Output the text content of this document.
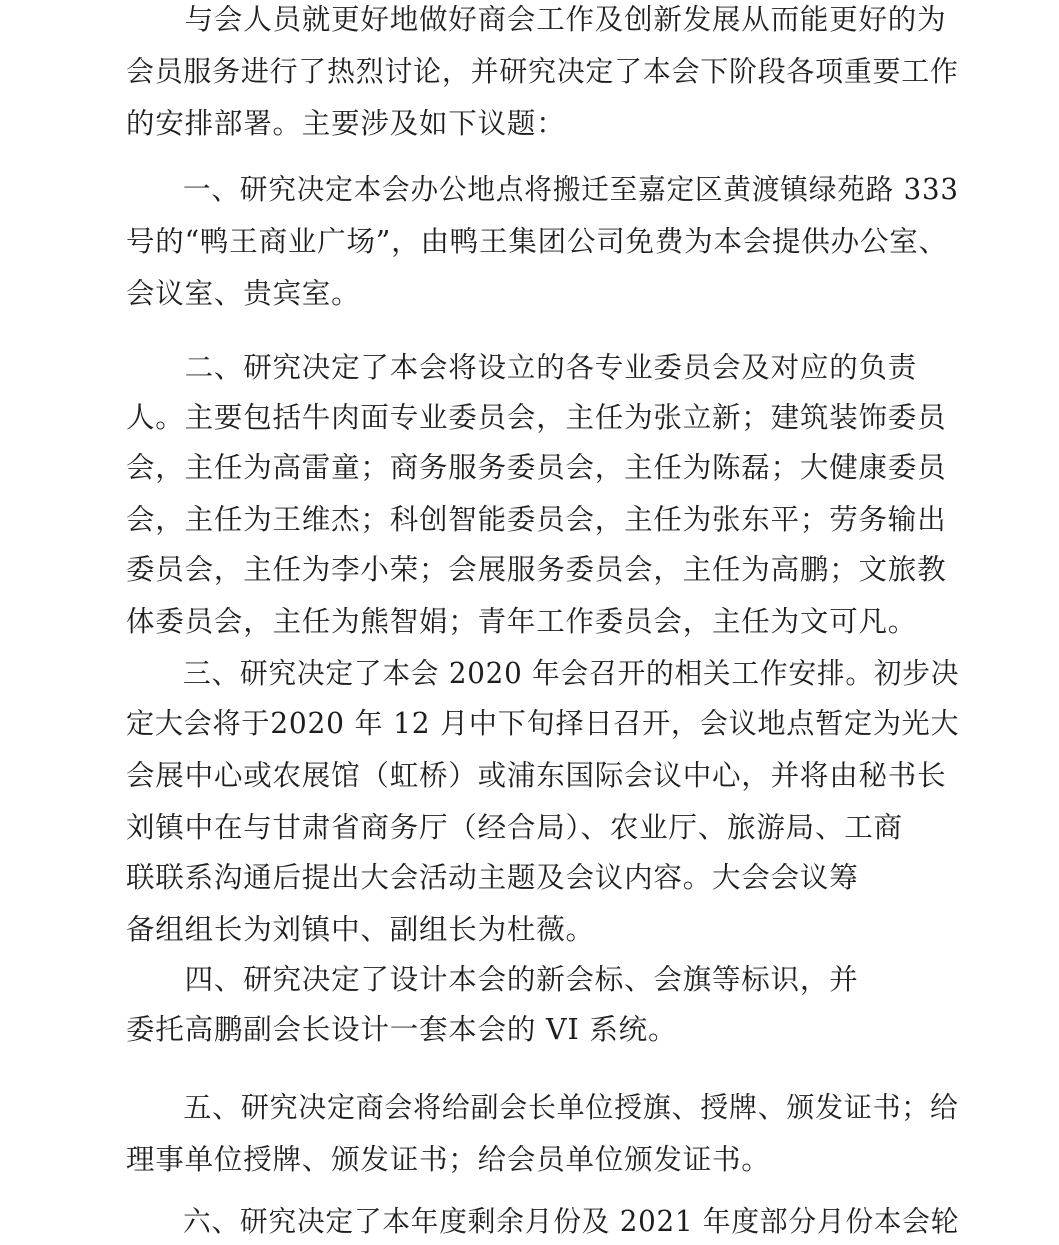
　　与会人员就更好地做好商会工作及创新发展从而能更好的为
会员服务进行了热烈讨论，并研究决定了本会下阶段各项重要工作
的安排部署。主要涉及如下议题：
　　一、研究决定本会办公地点将搬迁至嘉定区黄渡镇绿苑路 333
号的“鸭王商业广场”，由鸭王集团公司免费为本会提供办公室、
会议室、贵宾室。
　　二、研究决定了本会将设立的各专业委员会及对应的负责
人。主要包括牛肉面专业委员会，主任为张立新；建筑装饰委员
会，主任为高雷童；商务服务委员会，主任为陈磊；大健康委员
会，主任为王维杰；科创智能委员会，主任为张东平；劳务输出
委员会，主任为李小荣；会展服务委员会，主任为高鹏；文旅教
体委员会，主任为熊智娟；青年工作委员会，主任为文可凡。
　　三、研究决定了本会 2020 年会召开的相关工作安排。初步决
定大会将于2020 年 12 月中下旬择日召开，会议地点暂定为光大
会展中心或农展馆（虹桥）或浦东国际会议中心，并将由秘书长
刘镇中在与甘肃省商务厅（经合局）、农业厅、旅游局、工商
联联系沟通后提出大会活动主题及会议内容。大会会议筹
备组组长为刘镇中、副组长为杜薇。
　　四、研究决定了设计本会的新会标、会旗等标识，并
委托高鹏副会长设计一套本会的 VI 系统。
　　五、研究决定商会将给副会长单位授旗、授牌、颁发证书；给
理事单位授牌、颁发证书；给会员单位颁发证书。
　　六、研究决定了本年度剩余月份及 2021 年度部分月份本会轮
